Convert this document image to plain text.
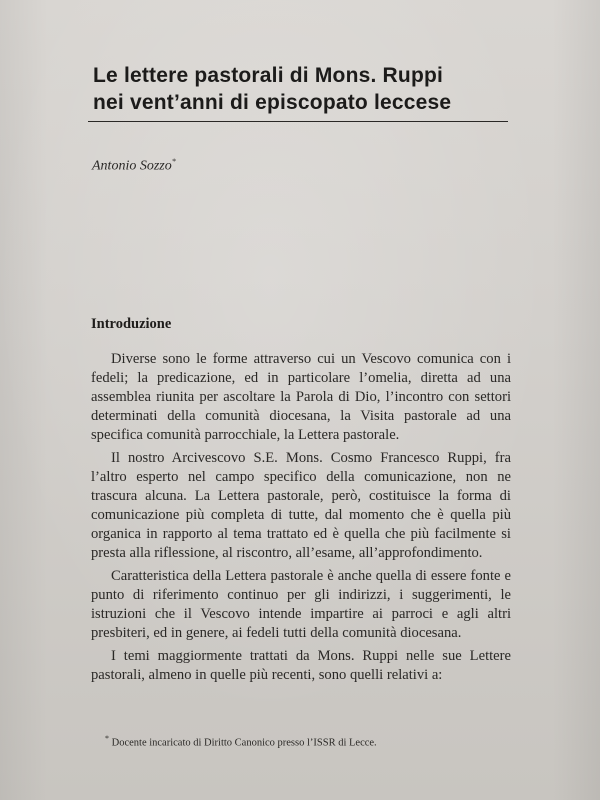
Le lettere pastorali di Mons. Ruppi
nei vent’anni di episcopato leccese
Antonio Sozzo*
Introduzione

Diverse sono le forme attraverso cui un Vescovo comunica con i fedeli; la predicazione, ed in particolare l’omelia, diretta ad una assemblea riunita per ascoltare la Parola di Dio, l’incontro con settori determinati della comunità diocesana, la Visita pastorale ad una specifica comunità parrocchiale, la Lettera pastorale.

Il nostro Arcivescovo S.E. Mons. Cosmo Francesco Ruppi, fra l’altro esperto nel campo specifico della comunicazione, non ne trascura alcuna. La Lettera pastorale, però, costituisce la forma di comunicazione più completa di tutte, dal momento che è quella più organica in rapporto al tema trattato ed è quella che più facilmente si presta alla riflessione, al riscontro, all’esame, all’approfondimento.

Caratteristica della Lettera pastorale è anche quella di essere fonte e punto di riferimento continuo per gli indirizzi, i suggerimenti, le istruzioni che il Vescovo intende impartire ai parroci e agli altri presbiteri, ed in genere, ai fedeli tutti della comunità diocesana.

I temi maggiormente trattati da Mons. Ruppi nelle sue Lettere pastorali, almeno in quelle più recenti, sono quelli relativi a:

* Docente incaricato di Diritto Canonico presso l’ISSR di Lecce.
